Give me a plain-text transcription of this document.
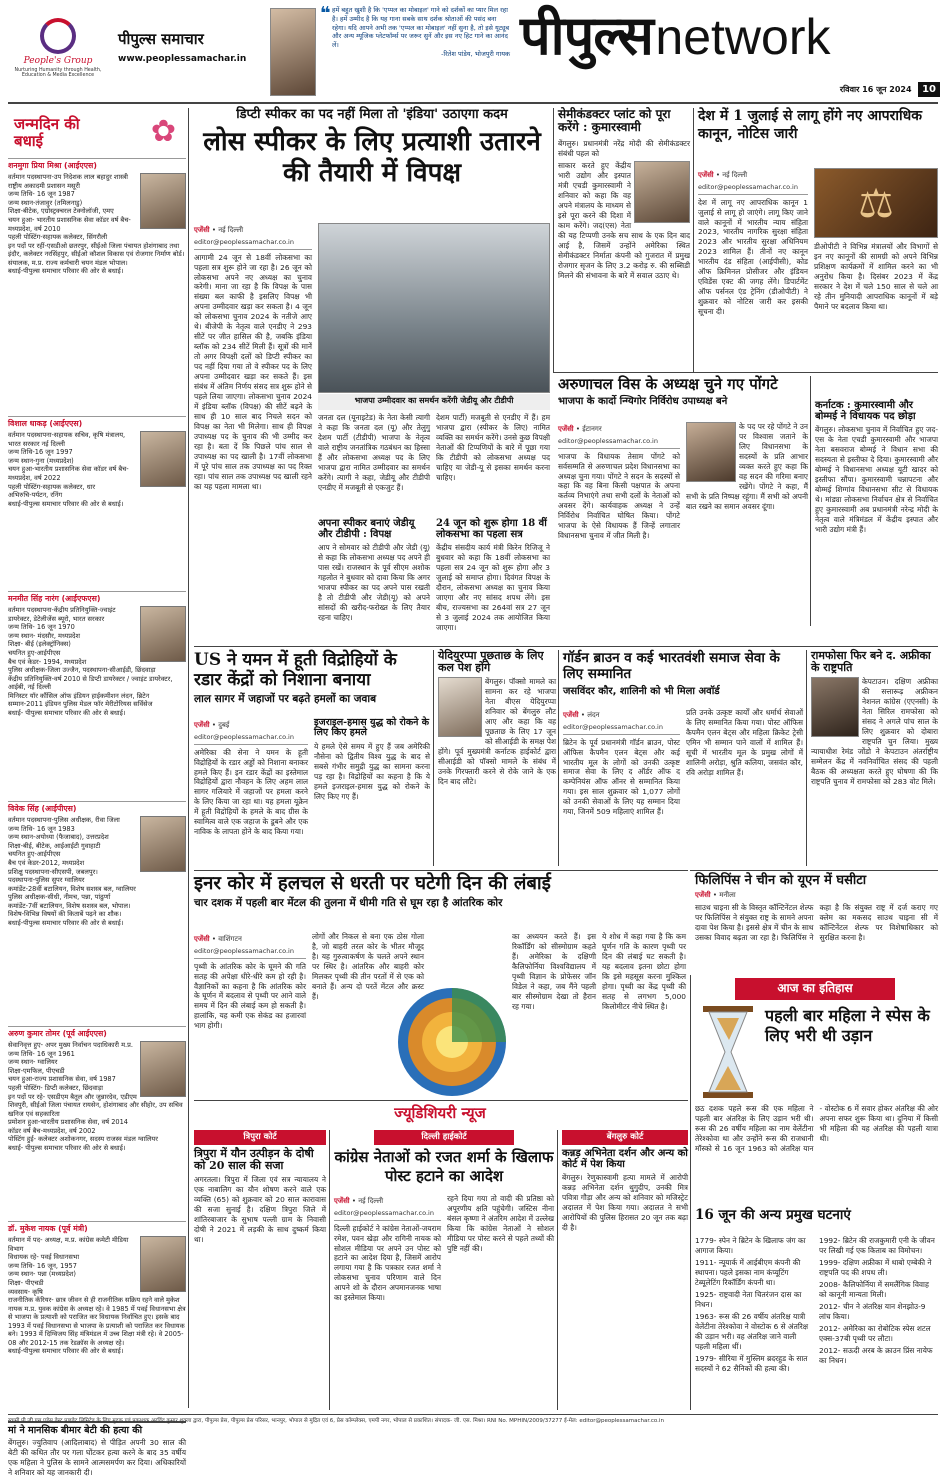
People's Group
Nurturing Humanity through Health, Education & Media Excellence
पीपुल्स समाचार
www.peoplessamachar.in
❝ हमें बहुत खुशी है कि 'एप्पल का मोबाइल' गाने को दर्शकों का प्यार मिल रहा है। हमें उम्मीद है कि यह गाना सबके साथ दर्शक श्रोताओं की पसंद बना रहेगा। यदि आपने अभी तक 'एप्पल का मोबाइल' नहीं सुना है, तो इसे यूट्यूब और अन्य म्यूजिक प्लेटफॉर्म्स पर जरूर सुनें और इस नए हिट गाने का आनंद लें।
-रितेश पांडेय, भोजपुरी गायक पीपुल्स network
रविवार 16 जून 2024 10
जन्मदिन की बधाई	✿
शनमुगा प्रिया मिश्रा (आईएएस)
वर्तमान पदस्थापना-उप निदेशक लाल बहादुर शास्त्री राष्ट्रीय अकादमी प्रशासन मसूरी
जन्म तिथि- 16 जून 1987
जन्म स्थान-तंजावुर (तमिलनाडु)
शिक्षा-बीटेक, एग्रोस्ट्रक्चरल टेक्नोलॉजी, एमए
चयन हुआ- भारतीय प्रशासनिक सेवा कॉडर वर्ष बैच-मध्यप्रदेश, वर्ष 2010
पहली पोस्टिंग-सहायक कलेक्टर, सिंगरौली
इन पदों पर रहीं-एसडीओ छतरपुर, सीईओ जिला पंचायत होशंगाबाद तथा इंदौर, कलेक्टर नरसिंहपुर, सीईओ कौशल विकास एवं रोजगार निर्माण बोर्ड। संयालक, म.प्र. राज्य कर्मचारी चयन मंडल भोपाल।
बधाई-पीपुल्स समाचार परिवार की ओर से बधाई।
विशाल धाकड़ (आईएएस)
वर्तमान पदस्थापना-सहायक सचिव, कृषि मंत्रालय, भारत सरकार नई दिल्ली
जन्म तिथि-16 जून 1997
जन्म स्थान-गुना (मध्यप्रदेश)
चयन हुआ-भारतीय प्रशासनिक सेवा कॉडर वर्ष बैच-मध्यप्रदेश, वर्ष 2022
पहली पोस्टिंग-सहायक कलेक्टर, धार
अभिरुचि-पर्यटन, रनिंग
बधाई-पीपुल्स समाचार परिवार की ओर से बधाई।
मनमीत सिंह नारंग (आईएफएस)
वर्तमान पदस्थापना-केंद्रीय प्रतिनियुक्ति-ज्वाइंट डायरेक्टर, डेटेलीजेंस ब्यूरो, भारत सरकार
जन्म तिथि- 16 जून 1970
जन्म स्थान- मंदसौर, मध्यप्रदेश
शिक्षा- बीई (इलेक्ट्रॉनिक्स)
चयनित हुए-आईपीएस
बैच एवं केडर- 1994, मध्यप्रदेश
पुलिस अधीक्षक-जिला उज्जैन, पदस्थापना-सीआईडी, छिंदवाड़ा
केंद्रीय प्रतिनियुक्ति-वर्ष 2010 से डिप्टी डायरेक्टर / ज्वाइंट डायरेक्टर, आईबी, नई दिल्ली
मिनिस्टर यॉर कौंसिल ऑफ इंडियन हाईकमीशन लंदन, ब्रिटेन
सम्मान-2011 इंडियन पुलिस मेडल फॉर मेरीटोरियस सर्विसेज
बधाई- पीपुल्स समाचार परिवार की ओर से बधाई।
विवेक सिंह (आईपीएस)
वर्तमान पदस्थापना-पुलिस अधीक्षक, रीवा जिला
जन्म तिथि- 16 जून 1983
जन्म स्थान-अयोध्या (फैजाबाद), उत्तरप्रदेश
शिक्षा-बीई, बीटेक, आईआईटी गुवाहाटी
चयनित हुए-आईपीएस
बैच एवं केडर-2012, मध्यप्रदेश
प्रशिक्षु पदस्थापना-सीएसपी, जबलपुर।
पदस्थापना-पुलिस सुपर ग्वालियर
कमांडेंट-28वीं बटालियन, विशेष सशस्त्र बल, ग्वालियर
पुलिस अधीक्षक-सीधी, नीमच, पन्ना, पांढुर्णा
कमांडेंट-7वीं बटालियन, विशेष सशस्त्र बल, भोपाल।
विशेष-विभिन्न विषयों की किताबें पढ़ने का शौक।
बधाई-पीपुल्स समाचार परिवार की ओर से बधाई।
अरुण कुमार तोमर (पूर्व आईएएस)
सेवानिवृत्त हुए- अपर मुख्य निर्वाचन पदाधिकारी म.प्र.
जन्म तिथि- 16 जून 1961
जन्म स्थान- ग्वालियर
शिक्षा-एमफिल, पीएचडी
चयन हुआ-राज्य प्रशासनिक सेवा, वर्ष 1987
पहली पोस्टिंग- डिप्टी कलेक्टर, छिंदवाड़ा
इन पदों पर रहे- एसडीएम बैतूल और जुन्नारदेव, एडीएम शिवपुरी, सीईओ जिला पंचायत रायसेन, होशंगाबाद और सीहोर, उप सचिव खनिज एवं सहकारिता
प्रमोशन हुआ-भारतीय प्रशासनिक सेवा, वर्ष 2014
कॉडर वर्ष बैच-मध्यप्रदेश, वर्ष 2002
पोस्टिंग हुई- कलेक्टर अशोकनगर, सदस्य राजस्व मंडल ग्वालियर
बधाई- पीपुल्स समाचार परिवार की ओर से बधाई।
डॉ. मुकेश नायक (पूर्व मंत्री)
वर्तमान में पद- अध्यक्ष, म.प्र. कांग्रेस कमेटी मीडिया विभाग
विधायक रहे- पवई विधानसभा
जन्म तिथि- 16 जून, 1957
जन्म स्थान- पन्ना (मध्यप्रदेश)
शिक्षा- पीएचडी
व्यवसाय- कृषि
राजनीतिक कॅरियर- छात्र जीवन से ही राजनीतिक सक्रिय रहने वाले मुकेश नायक म.प्र. युवक कांग्रेस के अध्यक्ष रहे। वे 1985 में पवई विधानसभा क्षेत्र से भाजपा के प्रत्याशी को पराजित कर विधायक निर्वाचित हुए। इसके बाद 1993 में पवई विधानसभा से भाजपा के प्रत्याशी को पराजित कर विधायक बने। 1993 में दिग्विजय सिंह मंत्रिमंडल में उच्च शिक्षा मंत्री रहे। वे 2005-08 और 2012-15 तक रेडक्रॉस के अध्यक्ष रहे।
बधाई-पीपुल्स समाचार परिवार की ओर से बधाई।
मां ने मानसिक बीमार बेटी की हत्या की
बेंगलुरु। ज्युतिवाप (आदिलाबाद) से पीड़ित अपनी 30 साल की बेटी की कथित तौर पर गला घोंटकर हत्या करने के बाद 35 वर्षीय एक महिला ने पुलिस के सामने आत्मसमर्पण कर दिया। अधिकारियों ने शनिवार को यह जानकारी दी।
डिप्टी स्पीकर का पद नहीं मिला तो 'इंडिया' उठाएगा कदम
लोस स्पीकर के लिए प्रत्याशी उतारने की तैयारी में विपक्ष
एजेंसी • नई दिल्ली
editor@peoplessamachar.co.in
आगामी 24 जून से 18वीं लोकसभा का पहला सत्र शुरू होने जा रहा है। 26 जून को लोकसभा अपने नए अध्यक्ष का चुनाव करेगी। माना जा रहा है कि विपक्ष के पास संख्या बल काफी है इसलिए विपक्ष भी अपना उम्मीदवार खड़ा कर सकता है। 4 जून को लोकसभा चुनाव 2024 के नतीजे आए थे। बीजेपी के नेतृत्व वाले एनडीए ने 293 सीटें पर जीत हासिल की है, जबकि इंडिया ब्लॉक को 234 सीटें मिली हैं। सूत्रों की मानें तो अगर विपक्षी दलों को डिप्टी स्पीकर का पद नहीं दिया गया तो वे स्पीकर पद के लिए अपना उम्मीदवार खड़ा कर सकते हैं। इस संबंध में अंतिम निर्णय संसद सत्र शुरू होने से पहले लिया जाएगा। लोकसभा चुनाव 2024 में इंडिया ब्लॉक (विपक्ष) की सीटें बढ़ने के साथ ही 10 साल बाद निचले सदन को विपक्ष का नेता भी मिलेगा। साथ ही विपक्ष उपाध्यक्ष पद के चुनाव की भी उम्मीद कर रहा है। बता दें कि पिछले पांच साल से उपाध्यक्ष का पद खाली है। 17वीं लोकसभा में पूरे पांच साल तक उपाध्यक्ष का पद रिक्त रहा। पांच साल तक उपाध्यक्ष पद खाली रहने का यह पहला मामला था।
भाजपा उम्मीदवार का समर्थन करेंगी जेडीयू और टीडीपी
जनता दल (यूनाइटेड) के नेता केसी त्यागी ने कहा कि जनता दल (यू) और तेलुगु देशम पार्टी (टीडीपी) भाजपा के नेतृत्व वाले राष्ट्रीय जनतांत्रिक गठबंधन का हिस्सा हैं और लोकसभा अध्यक्ष पद के लिए भाजपा द्वारा नामित उम्मीदवार का समर्थन करेंगे। त्यागी ने कहा, जेडीयू और टीडीपी एनडीए में मजबूती से एकजुट हैं।
देशम पार्टी) मजबूती से एनडीए में हैं। हम भाजपा द्वारा (स्पीकर के लिए) नामित व्यक्ति का समर्थन करेंगे। उनसे कुछ विपक्षी नेताओं की टिप्पणियों के बारे में पूछा गया कि टीडीपी को लोकसभा अध्यक्ष पद चाहिए या जेडी-यू से इसका समर्थन करना चाहिए।
अपना स्पीकर बनाएं जेडीयू और टीडीपी : विपक्ष
आप ने सोमवार को टीडीपी और जेडी (यू) से कहा कि लोकसभा अध्यक्ष पद अपने ही पास रखें। राजस्थान के पूर्व सीएम अशोक गहलोत ने बुधवार को दावा किया कि अगर भाजपा स्पीकर का पद अपने पास रखती है तो टीडीपी और जेडी(यू) को अपने सांसदों की खरीद-फरोख्त के लिए तैयार रहना चाहिए।
24 जून को शुरू होगा 18 वीं लोकसभा का पहला सत्र
केंद्रीय संसदीय कार्य मंत्री किरेन रिजिजू ने बुधवार को कहा कि 18वीं लोकसभा का पहला सत्र 24 जून को शुरू होगा और 3 जुलाई को समाप्त होगा। दिवंगत विपक्ष के दौरान, लोकसभा अध्यक्ष का चुनाव किया जाएगा और नए सांसद शपथ लेंगे। इस बीच, राज्यसभा का 264वां सत्र 27 जून से 3 जुलाई 2024 तक आयोजित किया जाएगा।
सेमीकंडक्टर प्लांट को पूरा करेंगे : कुमारस्वामी
बेंगलुरु। प्रधानमंत्री नरेंद्र मोदी की सेमीकंडक्टर संबंधी पहल को
साकार करते हुए केंद्रीय भारी उद्योग और इस्पात मंत्री एचडी कुमारस्वामी ने शनिवार को कहा कि वह अपने मंत्रालय के माध्यम से इसे पूरा करने की दिशा में काम करेंगे। जद(एस) नेता की यह टिप्पणी उनके सच साथ के एक दिन बाद आई है, जिसमें उन्होंने अमेरिका स्थित सेमीकंडक्टर निर्माता कंपनी को गुजरात में प्रमुख रोजगार सृजन के लिए 3.2 करोड़ रु. की सब्सिडी मिलने की संभावना के बारे में सवाल उठाए थे।
देश में 1 जुलाई से लागू होंगे नए आपराधिक कानून, नोटिस जारी
एजेंसी • नई दिल्ली
editor@peoplessamachar.co.in
देश में लागू नए आपराधिक कानून 1 जुलाई से लागू हो जाएंगे। लागू किए जाने वाले कानूनों में भारतीय न्याय संहिता 2023, भारतीय नागरिक सुरक्षा संहिता 2023 और भारतीय सुरक्षा अधिनियम 2023 शामिल हैं। तीनों नए कानून भारतीय दंड संहिता (आईपीसी), कोड ऑफ क्रिमिनल प्रोसीजर और इंडियन एविडेंस एक्ट की जगह लेंगे। डिपार्टमेंट ऑफ पर्सनल एंड ट्रेनिंग (डीओपीटी) ने शुक्रवार को नोटिस जारी कर इसकी सूचना दी।
⚖
डीओपीटी ने विभिन्न मंत्रालयों और विभागों से इन नए कानूनों की सामग्री को अपने विभिन्न प्रशिक्षण कार्यक्रमों में शामिल करने का भी अनुरोध किया है। दिसंबर 2023 में केंद्र सरकार ने देश में चले 150 साल से चले आ रहे तीन मुनियादी आपराधिक कानूनों में बड़े पैमाने पर बदलाव किया था।
अरुणाचल विस के अध्यक्ष चुने गए पोंगटे
भाजपा के कार्दो न्ग्यिगोर निर्विरोध उपाध्यक्ष बने
एजेंसी • ईटानगर
editor@peoplessamachar.co.in
भाजपा के विधायक तेसाम पोंगटे को सर्वसम्मति से अरुणाचल प्रदेश विधानसभा का अध्यक्ष चुना गया। पोंगटे ने सदन के सदस्यों से कहा कि वह बिना किसी पक्षपात के अपना कर्तव्य निभाएंगे तथा सभी दलों के नेताओं को अवसर देंगे। कार्यवाहक अध्यक्ष ने उन्हें निर्विरोध निर्वाचित घोषित किया। पोंगटे भाजपा के ऐसे विधायक हैं जिन्हें लगातार विधानसभा चुनाव में जीत मिली है।
के पद पर रहे पोंगटे ने उन पर विश्वास जताने के लिए विधानसभा के सदस्यों के प्रति आभार व्यक्त करते हुए कहा कि वह सदन की गरिमा बनाए रखेंगे। पोंगटे ने कहा, मैं सभी के प्रति निष्पक्ष रहूंगा। मैं सभी को अपनी बात रखने का समान अवसर दूंगा।
कर्नाटक : कुमारस्वामी और बोम्मई ने विधायक पद छोड़ा
बेंगलुरु। लोकसभा चुनाव में निर्वाचित हुए जद-एस के नेता एचडी कुमारस्वामी और भाजपा नेता बसवराज बोम्मई ने विधान सभा की सदस्यता से इस्तीफा दे दिया। कुमारस्वामी और बोम्मई ने विधानसभा अध्यक्ष यूटी खादर को इस्तीफा सौंपा। कुमारस्वामी चन्नापटना और बोम्मई शिग्गांव विधानसभा सीट से विधायक थे। मांड्या लोकसभा निर्वाचन क्षेत्र से निर्वाचित हुए कुमारस्वामी अब प्रधानमंत्री नरेन्द्र मोदी के नेतृत्व वाले मंत्रिमंडल में केंद्रीय इस्पात और भारी उद्योग मंत्री हैं।
US ने यमन में हूती विद्रोहियों के रडार केंद्रों को निशाना बनाया
लाल सागर में जहाजों पर बढ़ते हमलों का जवाब
एजेंसी • दुबई
editor@peoplessamachar.co.in
अमेरिका की सेना ने यमन के हूती विद्रोहियों के रडार अड्डों को निशाना बनाकर हमले किए हैं। इन रडार केंद्रों का इस्तेमाल विद्रोहियों द्वारा नौवहन के लिए अहम लाल सागर गलियारे में जहाजों पर हमला करने के लिए किया जा रहा था। यह हमला यूक्रेन में हूती विद्रोहियों के हमले के बाद ग्रीस के स्वामित्व वाले एक जहाज के डूबने और एक नाविक के लापता होने के बाद किया गया।
इजराइल-हमास युद्ध को रोकने के लिए किए हमले
ये हमले ऐसे समय में हुए हैं जब अमेरिकी नौसेना को द्वितीय विश्व युद्ध के बाद से सबसे गंभीर समुद्री युद्ध का सामना करना पड़ रहा है। विद्रोहियों का कहना है कि ये हमले इजराइल-हमास युद्ध को रोकने के लिए किए गए हैं।
येदियुरप्पा पूछताछ के लिए कल पेश होंगे
बेंगलुरु। पॉक्सो मामले का सामना कर रहे भाजपा नेता बीएस येदियुरप्पा शनिवार को बेंगलुरु लौट आए और कहा कि वह पूछताछ के लिए 17 जून को सीआईडी के समक्ष पेश होंगे। पूर्व मुख्यमंत्री कर्नाटक हाईकोर्ट द्वारा सीआईडी को पॉक्सो मामले के संबंध में उनके गिरफ्तारी करने से रोके जाने के एक दिन बाद लौटे।
गॉर्डन ब्राउन व कई भारतवंशी समाज सेवा के लिए सम्मानित
जसविंदर कौर, शालिनी को भी मिला अवॉर्ड
एजेंसी • लंदन
editor@peoplessamachar.co.in
ब्रिटेन के पूर्व प्रधानमंत्री गॉर्डन ब्राउन, पोस्ट ऑफिस कैपमैन एलन बेट्स और कई भारतीय मूल के लोगों को उनकी उत्कृष्ट समाज सेवा के लिए द ऑर्डर ऑफ द कम्पेनियंस ऑफ ऑनर से सम्मानित किया गया। इस साल शुक्रवार को 1,077 लोगों को उनकी सेवाओं के लिए यह सम्मान दिया गया, जिनमें 509 महिलाएं शामिल हैं।
प्रति उनके उत्कृष्ट कार्यों और धर्मार्थ सेवाओं के लिए सम्मानित किया गया। पोस्ट ऑफिस कैपमैन एलन बेट्स और महिला क्रिकेट ट्रेसी एमिन भी सम्मान पाने वालों में शामिल हैं। सूची में भारतीय मूल के प्रमुख लोगों में शालिनी अरोड़ा, श्रुति कलिया, जसवंत कौर, रवि अरोड़ा शामिल हैं।
रामफोसा फिर बने द. अफ्रीका के राष्ट्रपति
केपटाउन। दक्षिण अफ्रीका की सत्तारूढ़ अफ्रीकन नेशनल कांग्रेस (एएनसी) के नेता सिरिल रामफोसा को संसद ने अगले पांच साल के लिए शुक्रवार को दोबारा राष्ट्रपति चुन लिया। मुख्य न्यायाधीश रेमंड जोंडो ने केपटाउन अंतर्राष्ट्रीय सम्मेलन केंद्र में नवनिर्वाचित संसद की पहली बैठक की अध्यक्षता करते हुए घोषणा की कि राष्ट्रपति चुनाव में रामफोसा को 283 वोट मिले।
फिलिपिंस ने चीन को यूएन में घसीटा
एजेंसी • मनीला
साउथ चाइना सी के विस्तृत कॉन्टिनेंटल शेल्फ पर फिलिपिंस ने संयुक्त राष्ट्र के सामने अपना दावा पेश किया है। इससे क्षेत्र में चीन के साथ उसका विवाद बढ़ता जा रहा है। फिलिपिंस ने कहा है कि संयुक्त राष्ट्र में दर्ज कराए गए क्लेम का मकसद साउथ चाइना सी में कॉन्टिनेंटल शेल्फ पर विशेषाधिकार को सुरक्षित करना है।
इनर कोर में हलचल से धरती पर घटेगी दिन की लंबाई
चार दशक में पहली बार मेंटल की तुलना में धीमी गति से घूम रहा है आंतरिक कोर
एजेंसी • वाशिंगटन
editor@peoplessamachar.co.in
पृथ्वी के आंतरिक कोर के घूमने की गति सतह की अपेक्षा धीरे-धीरे कम हो रही है। वैज्ञानिकों का कहना है कि आंतरिक कोर के घूर्णन में बदलाव से पृथ्वी पर आने वाले समय में दिन की लंबाई कम हो सकती है। हालांकि, यह कमी एक सेकंड का हजारवां भाग होगी।
लोगों और निकल से बना एक ठोस गोला है, जो बाहरी तरल कोर के भीतर मौजूद है। यह गुरुत्वाकर्षण के चलते अपने स्थान पर स्थिर है। आंतरिक और बाहरी कोर मिलकर पृथ्वी की तीन परतों में से एक को बनाते हैं। अन्य दो परतें मेंटल और क्रस्ट हैं।
का अध्ययन करते हैं। इस रिकॉर्डिंग को सीस्मोग्राम कहते हैं। अमेरिका के दक्षिणी कैलिफोर्निया विश्वविद्यालय में पृथ्वी विज्ञान के प्रोफेसर जॉन विडेल ने कहा, जब मैंने पहली बार सीस्मोग्राम देखा तो हैरान रह गया।
ये शोध में कहा गया है कि कम घूर्णन गति के कारण पृथ्वी पर दिन की लंबाई घट सकती है। यह बदलाव इतना छोटा होगा कि इसे महसूस करना मुश्किल होगा। पृथ्वी का केंद्र पृथ्वी की सतह से लगभग 5,000 किलोमीटर नीचे स्थित है।
ज्यूडिशियरी न्यूज
त्रिपुरा कोर्ट
त्रिपुरा में यौन उत्पीड़न के दोषी को 20 साल की सजा
अगरतला। त्रिपुरा में जिला एवं सत्र न्यायालय ने एक नाबालिग का यौन शोषण करने वाले एक व्यक्ति (65) को शुक्रवार को 20 साल कारावास की सजा सुनाई है। दक्षिण त्रिपुरा जिले में शांतिरबाजार के सुभाष पल्ली ग्राम के निवासी दोषी ने 2021 में लड़की के साथ दुष्कर्म किया था।
दिल्ली हाईकोर्ट
कांग्रेस नेताओं को रजत शर्मा के खिलाफ पोस्ट हटाने का आदेश
एजेंसी • नई दिल्ली
editor@peoplessamachar.co.in
दिल्ली हाईकोर्ट ने कांग्रेस नेताओं-जयराम रमेश, पवन खेड़ा और रागिनी नायक को सोशल मीडिया पर अपने उन पोस्ट को हटाने का आदेश दिया है, जिसमें आरोप लगाया गया है कि पत्रकार रजत शर्मा ने लोकसभा चुनाव परिणाम वाले दिन आपने शो के दौरान अपमानजनक भाषा का इस्तेमाल किया।
रहने दिया गया तो वादी की प्रतिष्ठा को अपूरणीय क्षति पहुंचेगी। जस्टिस नीना बंसल कृष्णा ने अंतरिम आदेश में उल्लेख किया कि कांग्रेस नेताओं ने सोशल मीडिया पर पोस्ट करने से पहले तथ्यों की पुष्टि नहीं की।
बेंगलुरु कोर्ट
कन्नड़ अभिनेता दर्शन और अन्य को कोर्ट में पेश किया
बेंगलुरु। रेणुकास्वामी हत्या मामले में आरोपी कन्नड़ अभिनेता दर्शन थुगुदीप, उनकी मित्र पवित्रा गौड़ा और अन्य को शनिवार को मजिस्ट्रेट अदालत में पेश किया गया। अदालत ने सभी आरोपियों की पुलिस हिरासत 20 जून तक बढ़ा दी है।
आज का इतिहास
पहली बार महिला ने स्पेस के लिए भरी थी उड़ान
छठ दशक पहले रूस की एक महिला ने पहली बार अंतरिक्ष के लिए उड़ान भरी थी। रूस की 26 वर्षीय महिला का नाम वेलेंटीना तेरेश्कोवा था और उन्होंने रूस की राजधानी मॉस्को से 16 जून 1963 को अंतरिक्ष यान - वोस्टोक 6 में सवार होकर अंतरिक्ष की ओर अपना सफर शुरू किया था। दुनिया में किसी भी महिला की यह अंतरिक्ष की पहली यात्रा थी।
16 जून की अन्य प्रमुख घटनाएं
1779- स्पेन ने ब्रिटेन के खिलाफ जंग का आगाज किया।
1911- न्यूयार्क में आईबीएम कंपनी की स्थापना। पहले इसका नाम कंप्यूटिंग टेब्यूलेटिंग रिकॉर्डिंग कंपनी था।
1925- राष्ट्रवादी नेता चितरंजन दास का निधन।
1963- रूस की 26 वर्षीय अंतरिक्ष यात्री वेलेंटीना तेरेश्कोवा ने वोस्टोक 6 से अंतरिक्ष की उड़ान भरी। वह अंतरिक्ष जाने वाली पहली महिला थीं।
1979- सीरिया में मुस्लिम ब्रदरहुड के सात सदस्यों ने 62 सैनिकों की हत्या की।
1992- ब्रिटेन की राजकुमारी एनी के जीवन पर लिखी गई एक किताब का विमोचन।
1999- दक्षिण अफ्रीका में थाबो एम्बेकी ने राष्ट्रपति पद की शपथ ली।
2008- कैलिफोर्निया में समलैंगिक विवाह को कानूनी मान्यता मिली।
2012- चीन ने अंतरिक्ष यान शेनझोउ-9 लांच किया।
2012- अमेरिका का रोबोटिक स्पेस शटल एक्स-37बी पृथ्वी पर लौटा।
2012- सऊदी अरब के क्राउन प्रिंस नायेफ का निधन।
स्वामी पी.जी.एस एड्रेस वेस्ट प्राइवेट लिमिटेड के लिए मुद्रक एवं प्रकाशक अरविंद कुमार शुक्ला द्वारा, पीपुल्स प्रेस, पीपुल्स प्रेस परिसर, भानपुर, भोपाल से मुद्रित एवं 6, प्रेस कॉम्प्लेक्स, एमपी नगर, भोपाल से प्रकाशित। संपादक- जी. एस. मिश्रा। RNI No. MPHIN/2009/37277 ई-मेल: editor@peoplessamachar.co.in
